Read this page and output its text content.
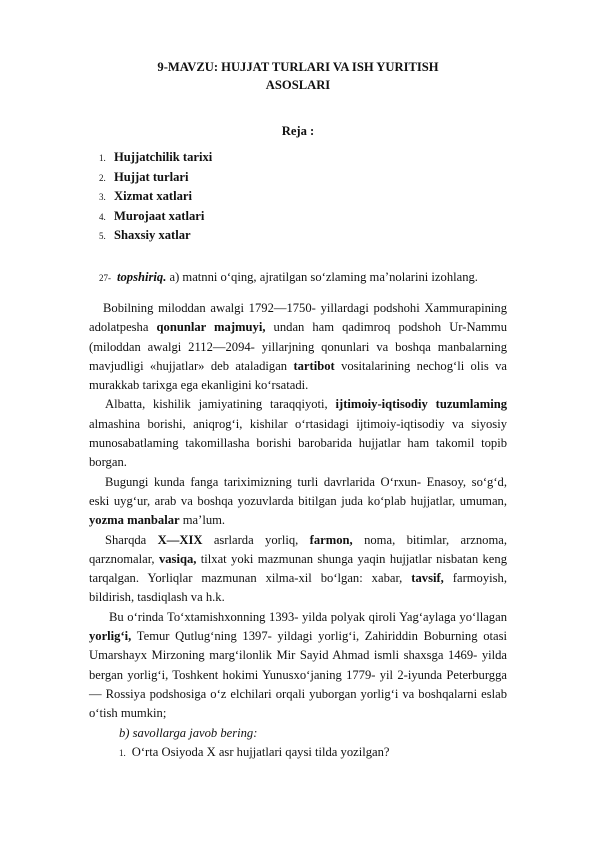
9-MAVZU: HUJJAT TURLARI VA ISH YURITISH
ASOSLARI
Reja :
1. Hujjatchilik tarixi
2. Hujjat turlari
3. Xizmat xatlari
4. Murojaat xatlari
5. Shaxsiy xatlar
27- topshiriq. a) matnni o‘qing, ajratilgan so‘zlaming ma’nolarini izohlang.

Bobilning miloddan awalgi 1792—1750- yillardagi podshohi Xammurapining adolatpesha qonunlar majmuyi, undan ham qadimroq podshoh Ur-Nammu (miloddan awalgi 2112—2094- yillarjning qonunlari va boshqa manbalarning mavjudligi «hujjatlar» deb ataladigan tartibot vositalarining nechog‘li olis va murakkab tarixga ega ekanligini ko‘rsatadi.

Albatta, kishilik jamiyatining taraqqiyoti, ijtimoiy-iqtisodiy tuzumlaming almashina borishi, aniqrog‘i, kishilar o‘rtasidagi ijtimoiy-iqtisodiy va siyosiy munosabatlaming takomillasha borishi barobarida hujjatlar ham takomil topib borgan.

Bugungi kunda fanga tariximizning turli davrlarida O‘rxun- Enasoy, so‘g‘d, eski uyg‘ur, arab va boshqa yozuvlarda bitilgan juda ko‘plab hujjatlar, umuman, yozma manbalar ma’lum.

Sharqda X—XIX asrlarda yorliq, farmon, noma, bitimlar, arznoma, qarznomalar, vasiqa, tilxat yoki mazmunan shunga yaqin hujjatlar nisbatan keng tarqalgan. Yorliqlar mazmunan xilma-xil bo‘lgan: xabar, tavsif, farmoyish, bildirish, tasdiqlash va h.k.

Bu o‘rinda To‘xtamishxonning 1393- yilda polyak qiroli Yag‘aylaga yo‘llagan yorlig‘i, Temur Qutlug‘ning 1397- yildagi yorlig‘i, Zahiriddin Boburning otasi Umarshayx Mirzoning marg‘ilonlik Mir Sayid Ahmad ismli shaxsga 1469- yilda bergan yorlig‘i, Toshkent hokimi Yunusxo‘janing 1779- yil 2-iyunda Peterburgga — Rossiya podshosiga o‘z elchilari orqali yuborgan yorlig‘i va boshqalarni eslab o‘tish mumkin;

b) savollarga javob bering:

1. O‘rta Osiyoda X asr hujjatlari qaysi tilda yozilgan?
